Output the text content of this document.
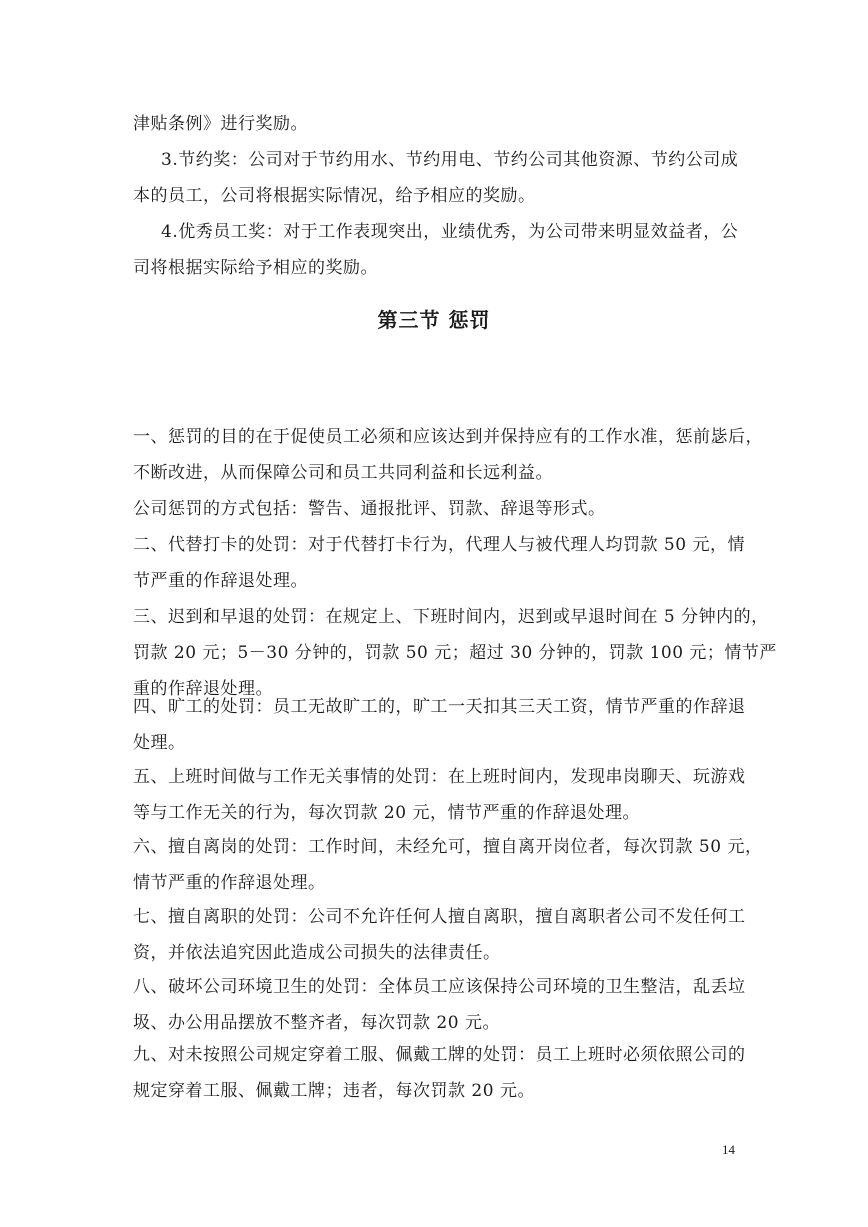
津贴条例》进行奖励。

3.节约奖：公司对于节约用水、节约用电、节约公司其他资源、节约公司成
本的员工，公司将根据实际情况，给予相应的奖励。

4.优秀员工奖：对于工作表现突出，业绩优秀，为公司带来明显效益者，公
司将根据实际给予相应的奖励。

第三节 惩罚

一、惩罚的目的在于促使员工必须和应该达到并保持应有的工作水准，惩前毖后，
不断改进，从而保障公司和员工共同利益和长远利益。

公司惩罚的方式包括：警告、通报批评、罚款、辞退等形式。

二、代替打卡的处罚：对于代替打卡行为，代理人与被代理人均罚款 50 元，情
节严重的作辞退处理。

三、迟到和早退的处罚：在规定上、下班时间内，迟到或早退时间在 5 分钟内的，
罚款 20 元；5－30 分钟的，罚款 50 元；超过 30 分钟的，罚款 100 元；情节严
重的作辞退处理。

四、旷工的处罚：员工无故旷工的，旷工一天扣其三天工资，情节严重的作辞退
处理。

五、上班时间做与工作无关事情的处罚：在上班时间内，发现串岗聊天、玩游戏
等与工作无关的行为，每次罚款 20 元，情节严重的作辞退处理。

六、擅自离岗的处罚：工作时间，未经允可，擅自离开岗位者，每次罚款 50 元，
情节严重的作辞退处理。

七、擅自离职的处罚：公司不允许任何人擅自离职，擅自离职者公司不发任何工
资，并依法追究因此造成公司损失的法律责任。

八、破坏公司环境卫生的处罚：全体员工应该保持公司环境的卫生整洁，乱丢垃
圾、办公用品摆放不整齐者，每次罚款 20 元。

九、对未按照公司规定穿着工服、佩戴工牌的处罚：员工上班时必须依照公司的
规定穿着工服、佩戴工牌；违者，每次罚款 20 元。

14
